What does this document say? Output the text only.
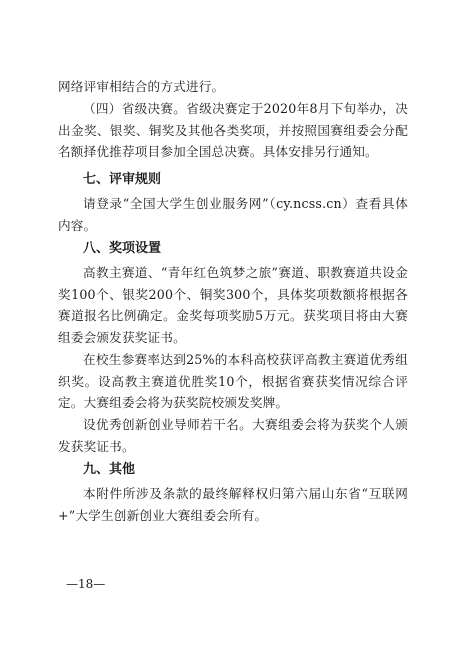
网络评审相结合的方式进行。

（四）省级决赛。省级决赛定于2020年8月下旬举办，决出金奖、银奖、铜奖及其他各类奖项，并按照国赛组委会分配名额择优推荐项目参加全国总决赛。具体安排另行通知。

七、评审规则

请登录“全国大学生创业服务网”（cy.ncss.cn）查看具体内容。

八、奖项设置

高教主赛道、“青年红色筑梦之旅”赛道、职教赛道共设金奖100个、银奖200个、铜奖300个，具体奖项数额将根据各赛道报名比例确定。金奖每项奖励5万元。获奖项目将由大赛组委会颁发获奖证书。

在校生参赛率达到25%的本科高校获评高教主赛道优秀组织奖。设高教主赛道优胜奖10个，根据省赛获奖情况综合评定。大赛组委会将为获奖院校颁发奖牌。

设优秀创新创业导师若干名。大赛组委会将为获奖个人颁发获奖证书。

九、其他

本附件所涉及条款的最终解释权归第六届山东省“互联网+”大学生创新创业大赛组委会所有。

—18—
